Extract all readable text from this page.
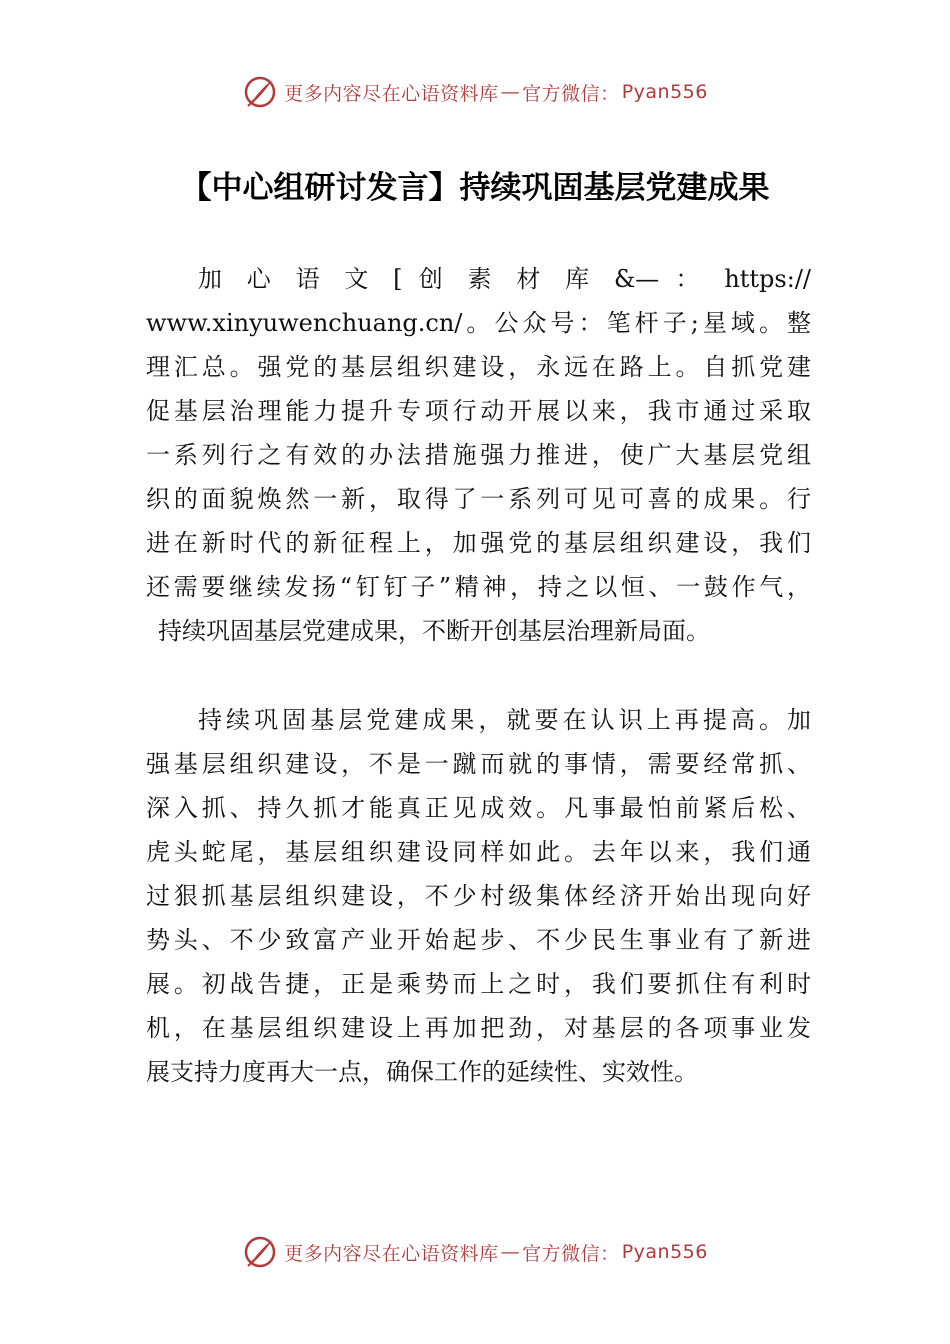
更多内容尽在心语资料库 — 官方微信： Pyan556
【中心组研讨发言】持续巩固基层党建成果
加 心 语 文 [ 创 素 材 库 &— ： https://
www.xinyuwenchuang.cn/。公众号：笔杆子;星域。整
理汇总。强党的基层组织建设，永远在路上。自抓党建
促基层治理能力提升专项行动开展以来，我市通过采取
一系列行之有效的办法措施强力推进，使广大基层党组
织的面貌焕然一新，取得了一系列可见可喜的成果。行
进在新时代的新征程上，加强党的基层组织建设，我们
还需要继续发扬“钉钉子”精神，持之以恒、一鼓作气，
持续巩固基层党建成果，不断开创基层治理新局面。
持续巩固基层党建成果，就要在认识上再提高。加
强基层组织建设，不是一蹴而就的事情，需要经常抓、
深入抓、持久抓才能真正见成效。凡事最怕前紧后松、
虎头蛇尾，基层组织建设同样如此。去年以来，我们通
过狠抓基层组织建设，不少村级集体经济开始出现向好
势头、不少致富产业开始起步、不少民生事业有了新进
展。初战告捷，正是乘势而上之时，我们要抓住有利时
机，在基层组织建设上再加把劲，对基层的各项事业发
展支持力度再大一点，确保工作的延续性、实效性。
更多内容尽在心语资料库 — 官方微信： Pyan556
